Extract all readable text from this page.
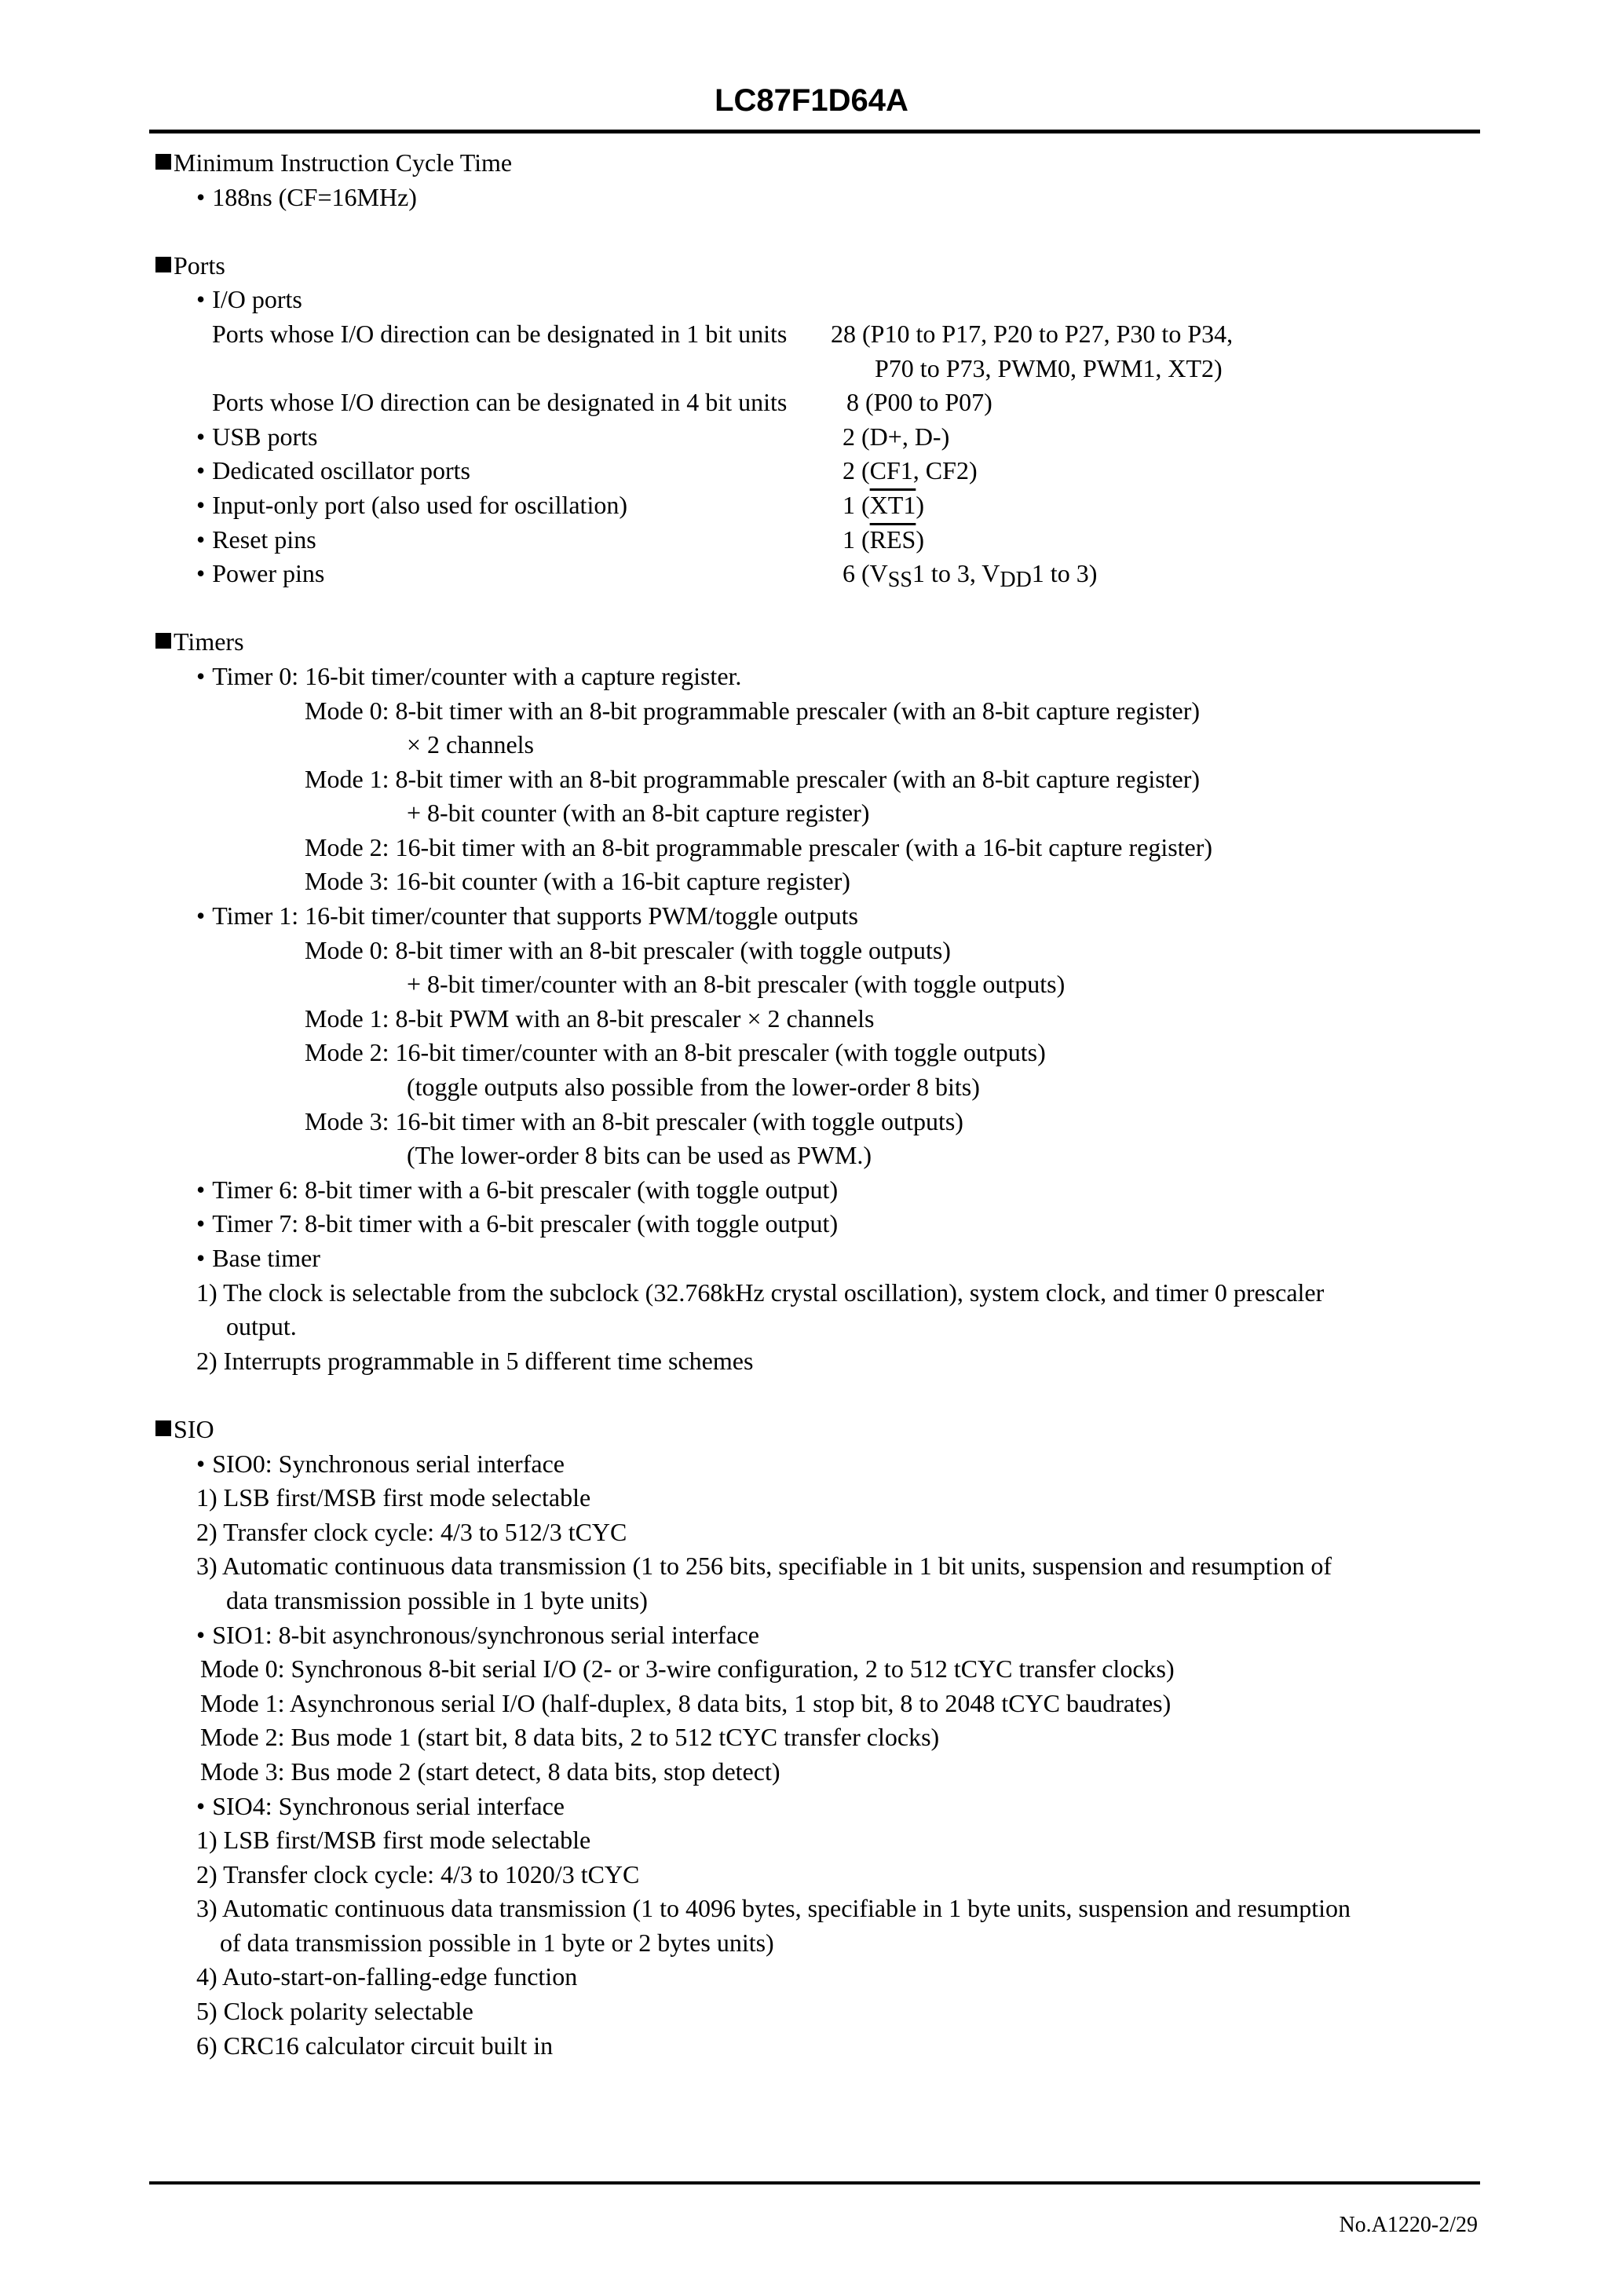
LC87F1D64A
Minimum Instruction Cycle Time
• 188ns (CF=16MHz)
Ports
• I/O ports
Ports whose I/O direction can be designated in 1 bit units 28 (P10 to P17, P20 to P27, P30 to P34,
P70 to P73, PWM0, PWM1, XT2)
Ports whose I/O direction can be designated in 4 bit units 8 (P00 to P07)
• USB ports	2 (D+, D-)
• Dedicated oscillator ports	2 (CF1, CF2)
• Input-only port (also used for oscillation)	1 (XT1)
• Reset pins	1 $(\overline{RES})$
• Power pins	6 (VSS1 to 3, VDD1 to 3)
Timers
• Timer 0: 16-bit timer/counter with a capture register.
Mode 0: 8-bit timer with an 8-bit programmable prescaler (with an 8-bit capture register)
× 2 channels
Mode 1: 8-bit timer with an 8-bit programmable prescaler (with an 8-bit capture register)
+ 8-bit counter (with an 8-bit capture register)
Mode 2: 16-bit timer with an 8-bit programmable prescaler (with a 16-bit capture register)
Mode 3: 16-bit counter (with a 16-bit capture register)
• Timer 1: 16-bit timer/counter that supports PWM/toggle outputs
Mode 0: 8-bit timer with an 8-bit prescaler (with toggle outputs)
+ 8-bit timer/counter with an 8-bit prescaler (with toggle outputs)
Mode 1: 8-bit PWM with an 8-bit prescaler × 2 channels
Mode 2: 16-bit timer/counter with an 8-bit prescaler (with toggle outputs)
(toggle outputs also possible from the lower-order 8 bits)
Mode 3: 16-bit timer with an 8-bit prescaler (with toggle outputs)
(The lower-order 8 bits can be used as PWM.)
• Timer 6: 8-bit timer with a 6-bit prescaler (with toggle output)
• Timer 7: 8-bit timer with a 6-bit prescaler (with toggle output)
• Base timer
1) The clock is selectable from the subclock (32.768kHz crystal oscillation), system clock, and timer 0 prescaler
output.
2) Interrupts programmable in 5 different time schemes
SIO
• SIO0: Synchronous serial interface
1) LSB first/MSB first mode selectable
2) Transfer clock cycle: 4/3 to 512/3 tCYC
3) Automatic continuous data transmission (1 to 256 bits, specifiable in 1 bit units, suspension and resumption of
data transmission possible in 1 byte units)
• SIO1: 8-bit asynchronous/synchronous serial interface
Mode 0: Synchronous 8-bit serial I/O (2- or 3-wire configuration, 2 to 512 tCYC transfer clocks)
Mode 1: Asynchronous serial I/O (half-duplex, 8 data bits, 1 stop bit, 8 to 2048 tCYC baudrates)
Mode 2: Bus mode 1 (start bit, 8 data bits, 2 to 512 tCYC transfer clocks)
Mode 3: Bus mode 2 (start detect, 8 data bits, stop detect)
• SIO4: Synchronous serial interface
1) LSB first/MSB first mode selectable
2) Transfer clock cycle: 4/3 to 1020/3 tCYC
3) Automatic continuous data transmission (1 to 4096 bytes, specifiable in 1 byte units, suspension and resumption
of data transmission possible in 1 byte or 2 bytes units)
4) Auto-start-on-falling-edge function
5) Clock polarity selectable
6) CRC16 calculator circuit built in
No.A1220-2/29
